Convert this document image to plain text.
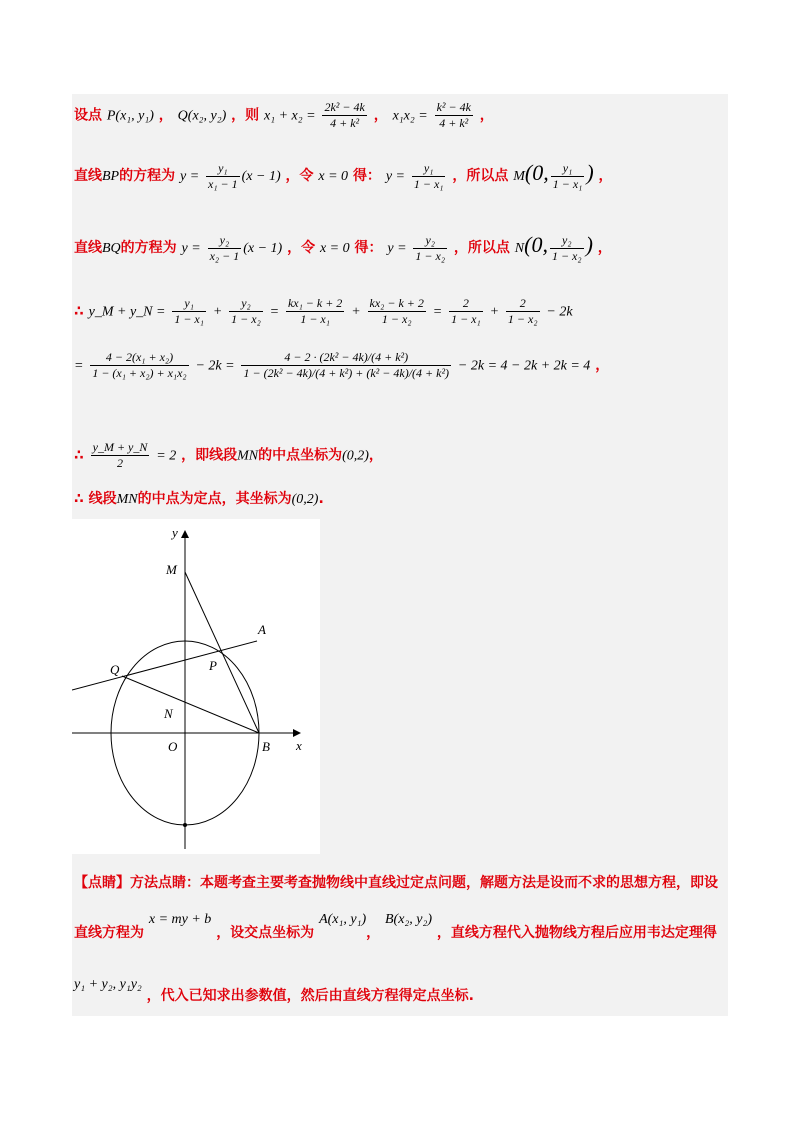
设点 P(x₁, y₁) ， Q(x₂, y₂) ，则 $x_1 + x_2 = \frac{\text{2k² − 4k}}{\text{4 + k²}}$ ， $x_1x_2 = \frac{\text{k² − 4k}}{\text{4 + k²}}$ ，
直线BP的方程为 $y = \frac{\text{y₁}}{\text{x₁ − 1}} (x - 1)$ ，令 x = 0 得： $y = \frac{\text{y₁}}{\text{1 − x₁}}$ ，所以点 M(0, $\frac{\text{y₁}}{\text{1 − x₁}}$ ) ，
直线BQ的方程为 $y = \frac{\text{y₂}}{\text{x₂ − 1}} (x - 1)$ ，令 x = 0 得： $y = \frac{\text{y₂}}{\text{1 − x₂}}$ ，所以点 N(0, $\frac{\text{y₂}}{\text{1 − x₂}}$ ) ，
∴ y_M + y_N = $\frac{\text{y₁}}{\text{1 − x₁}} + \frac{\text{y₂}}{\text{1 − x₂}} = \frac{\text{kx₁ − k + 2}}{\text{1 − x₁}} + \frac{\text{kx₂ − k + 2}}{\text{1 − x₂}} = \frac{2}{\text{1 − x₁}} + \frac{2}{\text{1 − x₂}} - 2k$
= $\frac{\text{4 − 2(x₁ + x₂)}}{\text{1 − (x₁ + x₂) + x₁x₂}} - 2k = \frac{\text{4 − 2 · (2k² − 4k)/(4 + k²)}}{\text{1 − (2k² − 4k)/(4 + k²) + (k² − 4k)/(4 + k²)}} - 2k = 4 - 2k + 2k = 4$ ，
∴ $\frac{y\_M + y\_N}{2} = 2$ ，即线段MN的中点坐标为(0,2)，
∴ 线段MN的中点为定点，其坐标为(0,2).
y
x
M
A
Q	P
N
O	B
【点睛】方法点睛：本题考查主要考查抛物线中直线过定点问题，解题方法是设而不求的思想方程，即设
直线方程为 x = my + b ，设交点坐标为 A(x₁, y₁)， B(x₂, y₂) ，直线方程代入抛物线方程后应用韦达定理得
y₁ + y₂, y₁y₂ ，代入已知求出参数值，然后由直线方程得定点坐标.
